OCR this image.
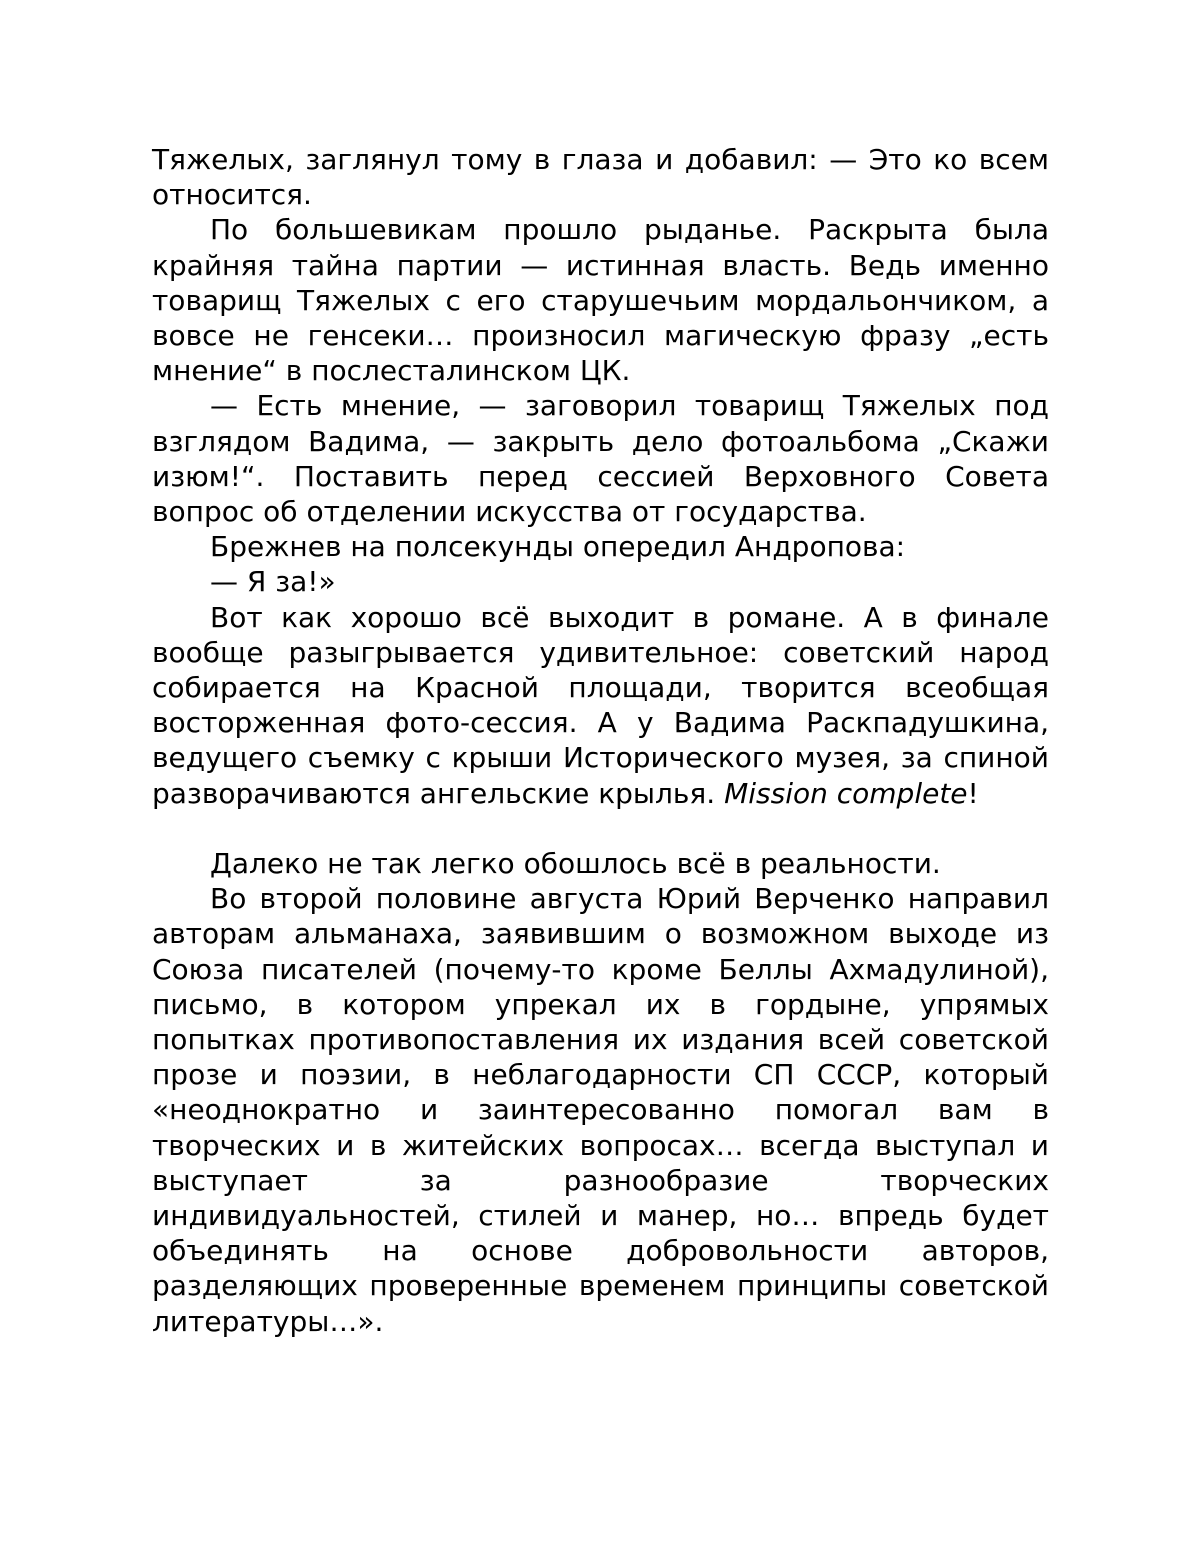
Тяжелых, заглянул тому в глаза и добавил: — Это ко всем относится.

По большевикам прошло рыданье. Раскрыта была крайняя тайна партии — истинная власть. Ведь именно товарищ Тяжелых с его старушечьим мордальончиком, а вовсе не генсеки… произносил магическую фразу „есть мнение“ в послесталинском ЦК.

— Есть мнение, — заговорил товарищ Тяжелых под взглядом Вадима, — закрыть дело фотоальбома „Скажи изюм!“. Поставить перед сессией Верховного Совета вопрос об отделении искусства от государства.

Брежнев на полсекунды опередил Андропова:

— Я за!»

Вот как хорошо всё выходит в романе. А в финале вообще разыгрывается удивительное: советский народ собирается на Красной площади, творится всеобщая восторженная фото-сессия. А у Вадима Раскпадушкина, ведущего съемку с крыши Исторического музея, за спиной разворачиваются ангельские крылья. Mission complete!

Далеко не так легко обошлось всё в реальности.

Во второй половине августа Юрий Верченко направил авторам альманаха, заявившим о возможном выходе из Союза писателей (почему-то кроме Беллы Ахмадулиной), письмо, в котором упрекал их в гордыне, упрямых попытках противопоставления их издания всей советской прозе и поэзии, в неблагодарности СП СССР, который «неоднократно и заинтересованно помогал вам в творческих и в житейских вопросах… всегда выступал и выступает за разнообразие творческих индивидуальностей, стилей и манер, но… впредь будет объединять на основе добровольности авторов, разделяющих проверенные временем принципы советской литературы…».
